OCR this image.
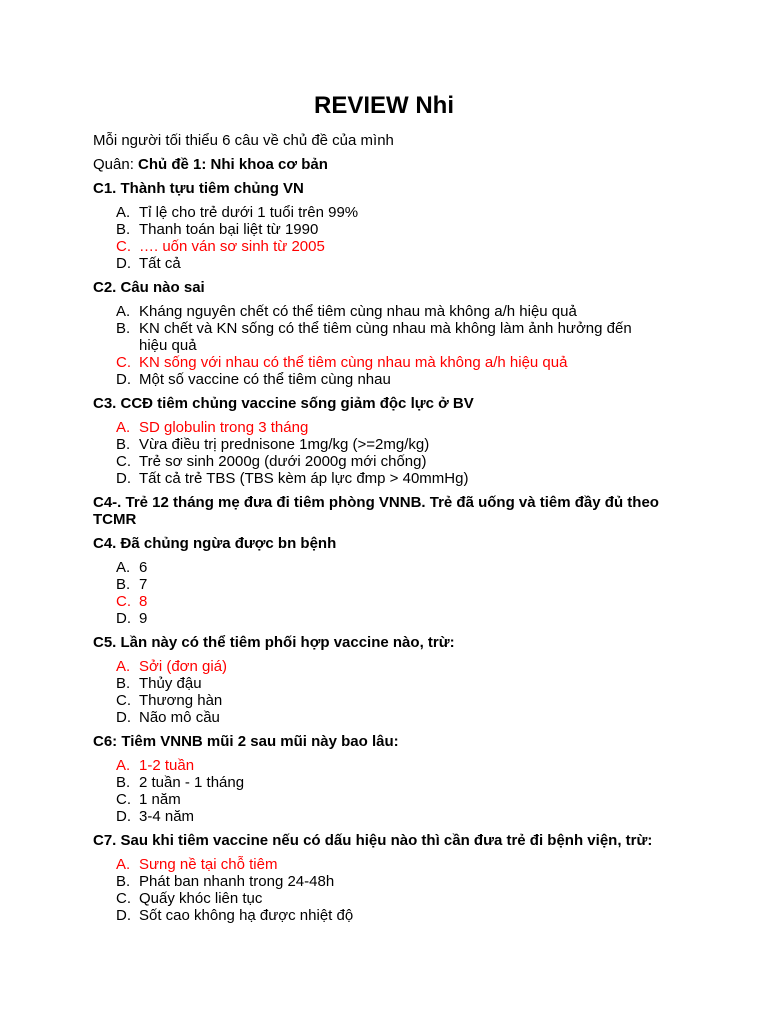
REVIEW Nhi
Mỗi người tối thiểu 6 câu về chủ đề của mình
Quân: Chủ đề 1: Nhi khoa cơ bản
C1. Thành tựu tiêm chủng VN
A. Tỉ lệ cho trẻ dưới 1 tuổi trên 99%
B. Thanh toán bại liệt từ 1990
C. …. uốn ván sơ sinh từ 2005
D. Tất cả
C2. Câu nào sai
A. Kháng nguyên chết có thể tiêm cùng nhau mà không a/h hiệu quả
B. KN chết và KN sống có thể tiêm cùng nhau mà không làm ảnh hưởng đến hiệu quả
C. KN sống với nhau có thể tiêm cùng nhau mà không a/h hiệu quả
D. Một số vaccine có thể tiêm cùng nhau
C3. CCĐ tiêm chủng vaccine sống giảm độc lực ở BV
A. SD globulin trong 3 tháng
B. Vừa điều trị prednisone 1mg/kg (>=2mg/kg)
C. Trẻ sơ sinh 2000g (dưới 2000g mới chống)
D. Tất cả trẻ TBS (TBS kèm áp lực đmp > 40mmHg)
C4-. Trẻ 12 tháng mẹ đưa đi tiêm phòng VNNB. Trẻ đã uống và tiêm đầy đủ theo TCMR
C4. Đã chủng ngừa được bn bệnh
A. 6
B. 7
C. 8
D. 9
C5. Lần này có thể tiêm phối hợp vaccine nào, trừ:
A. Sởi (đơn giá)
B. Thủy đậu
C. Thương hàn
D. Não mô cầu
C6: Tiêm VNNB mũi 2 sau mũi này bao lâu:
A. 1-2 tuần
B. 2 tuần - 1 tháng
C. 1 năm
D. 3-4 năm
C7. Sau khi tiêm vaccine nếu có dấu hiệu nào thì cần đưa trẻ đi bệnh viện, trừ:
A. Sưng nề tại chỗ tiêm
B. Phát ban nhanh trong 24-48h
C. Quấy khóc liên tục
D. Sốt cao không hạ được nhiệt độ
